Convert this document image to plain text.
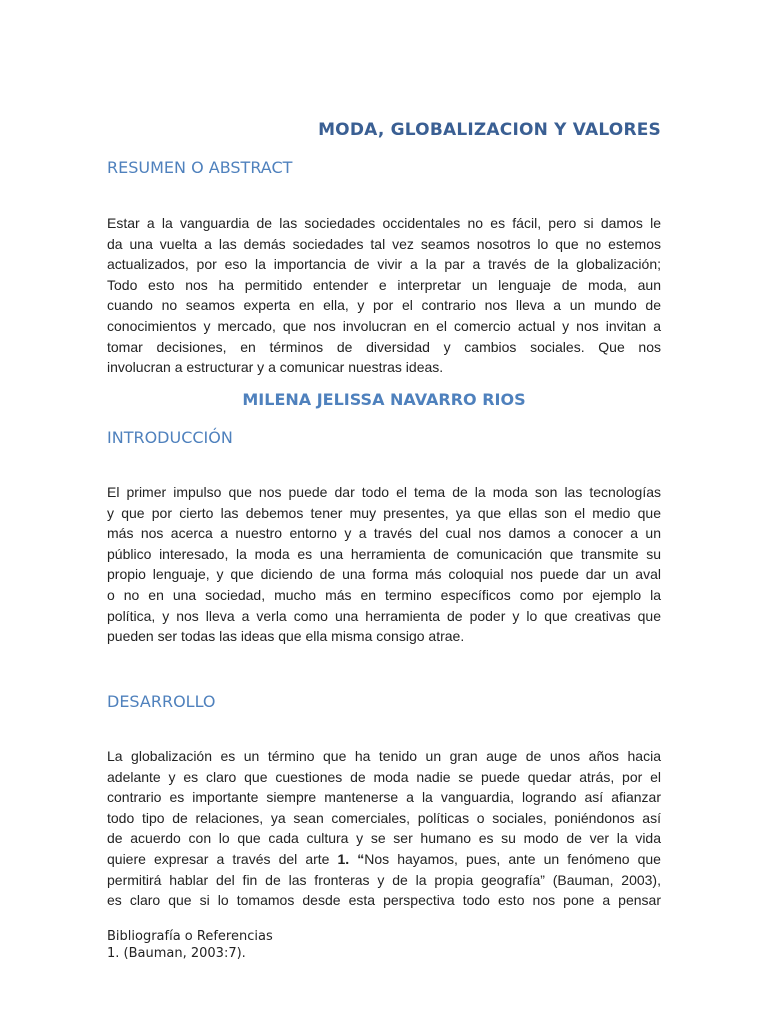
MODA, GLOBALIZACION Y VALORES
RESUMEN O ABSTRACT
Estar a la vanguardia de las sociedades occidentales no es fácil, pero si damos le
da una vuelta a las demás sociedades tal vez seamos nosotros lo que no estemos
actualizados, por eso la importancia de vivir a la par a través de la globalización;
Todo esto nos ha permitido entender e interpretar un lenguaje de moda, aun
cuando no seamos experta en ella, y por el contrario nos lleva a un mundo de
conocimientos y mercado, que nos involucran en el comercio actual y nos invitan a
tomar decisiones, en términos de diversidad y cambios sociales. Que nos
involucran a estructurar y a comunicar nuestras ideas.
MILENA JELISSA NAVARRO RIOS
INTRODUCCIÓN
El primer impulso que nos puede dar todo el tema de la moda son las tecnologías
y que por cierto las debemos tener muy presentes, ya que ellas son el medio que
más nos acerca a nuestro entorno y a través del cual nos damos a conocer a un
público interesado, la moda es una herramienta de comunicación que transmite su
propio lenguaje, y que diciendo de una forma más coloquial nos puede dar un aval
o no en una sociedad, mucho más en termino específicos como por ejemplo la
política, y nos lleva a verla como una herramienta de poder y lo que creativas que
pueden ser todas las ideas que ella misma consigo atrae.
DESARROLLO
La globalización es un término que ha tenido un gran auge de unos años hacia
adelante y es claro que cuestiones de moda nadie se puede quedar atrás, por el
contrario es importante siempre mantenerse a la vanguardia, logrando así afianzar
todo tipo de relaciones, ya sean comerciales, políticas o sociales, poniéndonos así
de acuerdo con lo que cada cultura y se ser humano es su modo de ver la vida
quiere expresar a través del arte 1. “Nos hayamos, pues, ante un fenómeno que
permitirá hablar del fin de las fronteras y de la propia geografía” (Bauman, 2003),
es claro que si lo tomamos desde esta perspectiva todo esto nos pone a pensar
Bibliografía o Referencias
1. (Bauman, 2003:7).
